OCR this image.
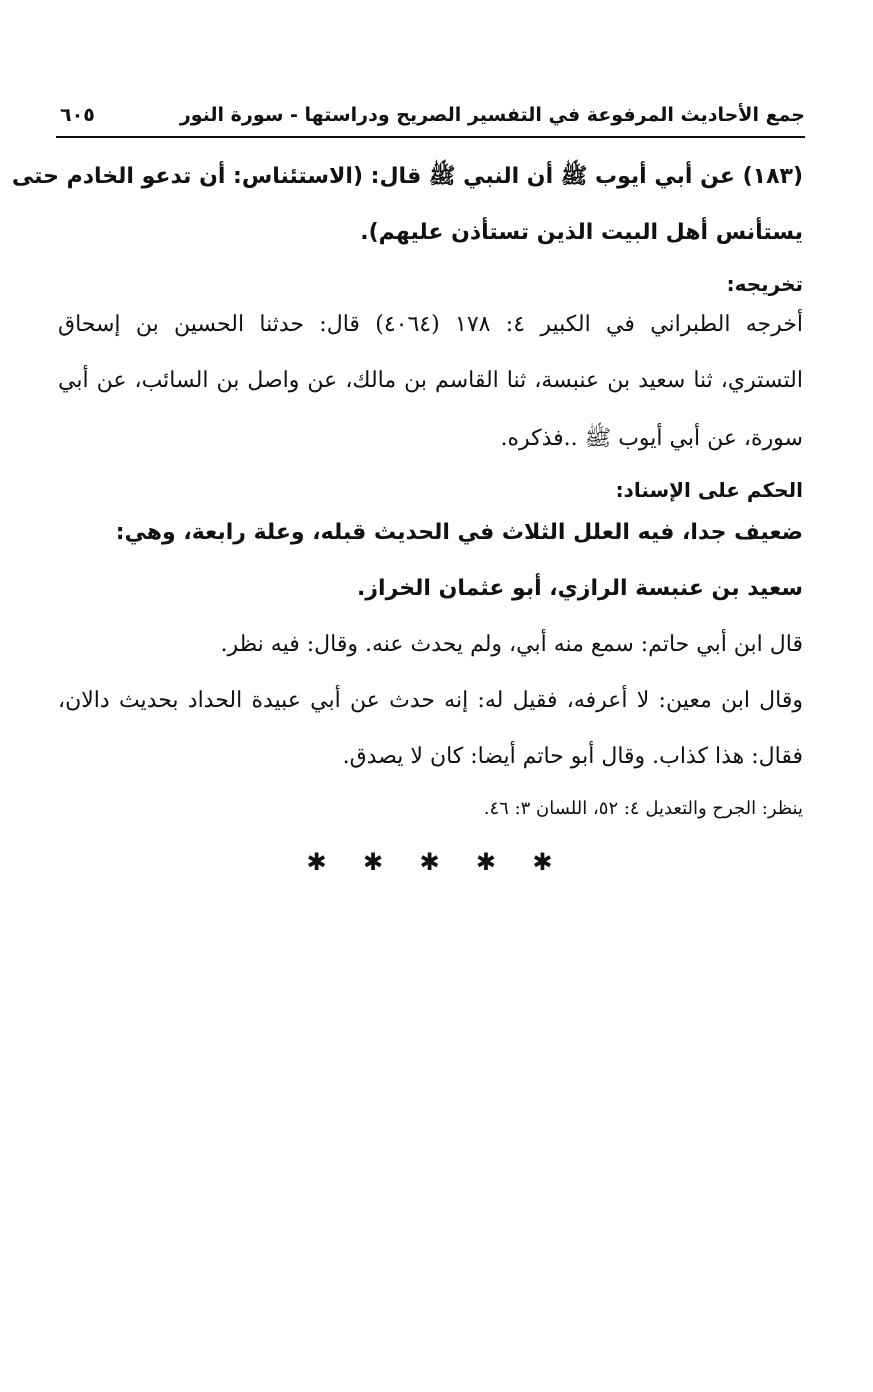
جمع الأحاديث المرفوعة في التفسير الصريح ودراستها - سورة النور
٦٠٥
(١٨٣) عن أبي أيوب ﷺ أن النبي ﷺ قال: (الاستئناس: أن تدعو الخادم حتى
يستأنس أهل البيت الذين تستأذن عليهم).
تخريجه:
أخرجه الطبراني في الكبير ٤: ١٧٨ (٤٠٦٤) قال: حدثنا الحسين بن إسحاق
التستري، ثنا سعيد بن عنبسة، ثنا القاسم بن مالك، عن واصل بن السائب، عن أبي
سورة، عن أبي أيوب ﷺ ..فذكره.
الحكم على الإسناد:
ضعيف جدا، فيه العلل الثلاث في الحديث قبله، وعلة رابعة، وهي:
سعيد بن عنبسة الرازي، أبو عثمان الخراز.
قال ابن أبي حاتم: سمع منه أبي، ولم يحدث عنه. وقال: فيه نظر.
وقال ابن معين: لا أعرفه، فقيل له: إنه حدث عن أبي عبيدة الحداد بحديث دالان،
فقال: هذا كذاب. وقال أبو حاتم أيضا: كان لا يصدق.
ينظر: الجرح والتعديل ٤: ٥٢، اللسان ٣: ٤٦.
✱ ✱ ✱ ✱ ✱
